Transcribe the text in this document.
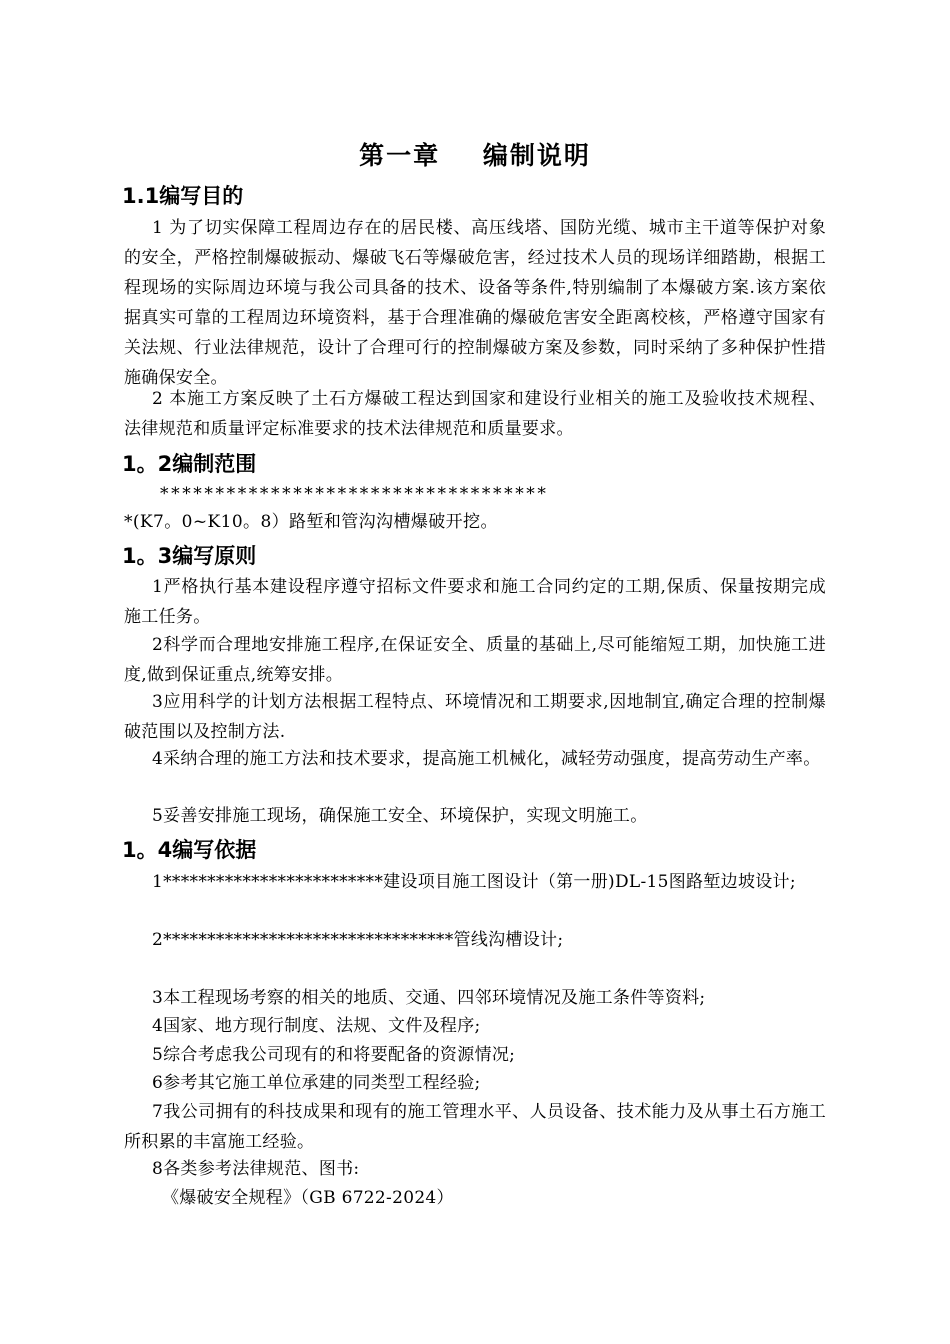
第一章    编制说明
1.1编写目的
1 为了切实保障工程周边存在的居民楼、高压线塔、国防光缆、城市主干道等保护对象的安全，严格控制爆破振动、爆破飞石等爆破危害，经过技术人员的现场详细踏勘，根据工程现场的实际周边环境与我公司具备的技术、设备等条件,特别编制了本爆破方案.该方案依据真实可靠的工程周边环境资料，基于合理准确的爆破危害安全距离校核，严格遵守国家有关法规、行业法律规范，设计了合理可行的控制爆破方案及参数，同时采纳了多种保护性措施确保安全。
2 本施工方案反映了土石方爆破工程达到国家和建设行业相关的施工及验收技术规程、法律规范和质量评定标准要求的技术法律规范和质量要求。
1。2编制范围
***********************************
*(K7。0~K10。8）路堑和管沟沟槽爆破开挖。
1。3编写原则
1严格执行基本建设程序遵守招标文件要求和施工合同约定的工期,保质、保量按期完成施工任务。
2科学而合理地安排施工程序,在保证安全、质量的基础上,尽可能缩短工期，加快施工进度,做到保证重点,统筹安排。
3应用科学的计划方法根据工程特点、环境情况和工期要求,因地制宜,确定合理的控制爆破范围以及控制方法.
4采纳合理的施工方法和技术要求，提高施工机械化，减轻劳动强度，提高劳动生产率。
5妥善安排施工现场，确保施工安全、环境保护，实现文明施工。
1。4编写依据
1*************************建设项目施工图设计（第一册)DL-15图路堑边坡设计;
2*********************************管线沟槽设计;
3本工程现场考察的相关的地质、交通、四邻环境情况及施工条件等资料;
4国家、地方现行制度、法规、文件及程序;
5综合考虑我公司现有的和将要配备的资源情况;
6参考其它施工单位承建的同类型工程经验;
7我公司拥有的科技成果和现有的施工管理水平、人员设备、技术能力及从事土石方施工所积累的丰富施工经验。
8各类参考法律规范、图书:
《爆破安全规程》（GB 6722-2024）
